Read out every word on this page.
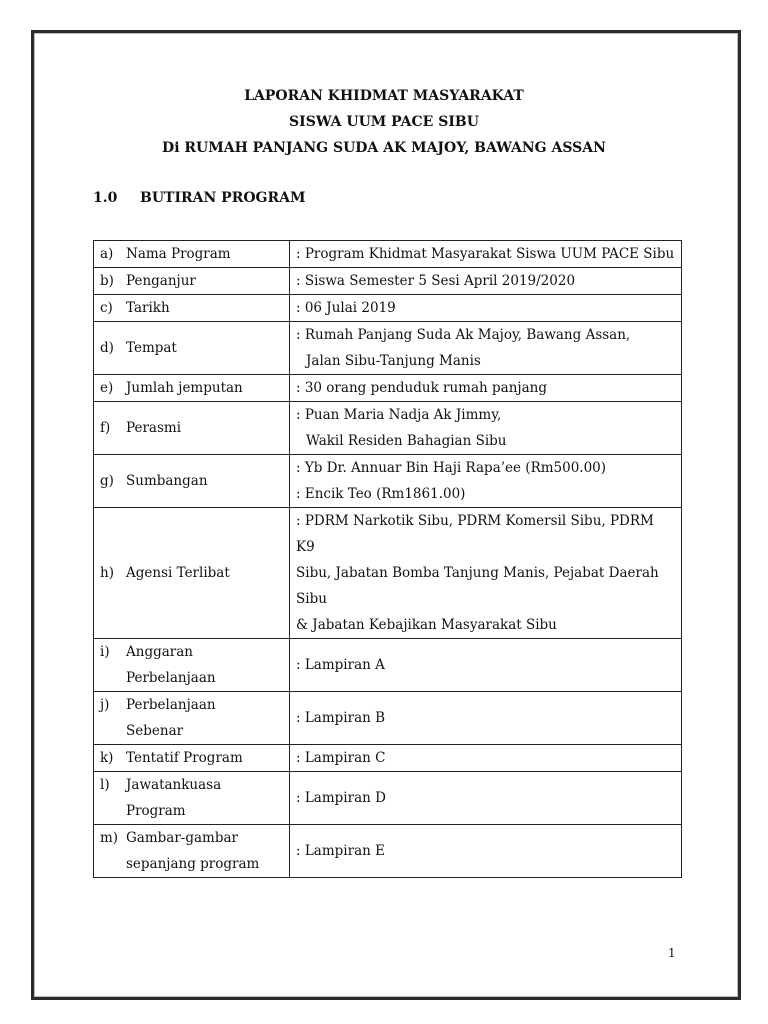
LAPORAN KHIDMAT MASYARAKAT
SISWA UUM PACE SIBU
Di RUMAH PANJANG SUDA AK MAJOY, BAWANG ASSAN
1.0 BUTIRAN PROGRAM
a) Nama Program	: Program Khidmat Masyarakat Siswa UUM PACE Sibu

b) Penganjur	: Siswa Semester 5 Sesi April 2019/2020

c) Tarikh	: 06 Julai 2019

d) Tempat	: Rumah Panjang Suda Ak Majoy, Bawang Assan,
Jalan Sibu-Tanjung Manis

e) Jumlah jemputan	: 30 orang penduduk rumah panjang

f) Perasmi	: Puan Maria Nadja Ak Jimmy,
Wakil Residen Bahagian Sibu

g) Sumbangan	: Yb Dr. Annuar Bin Haji Rapa’ee (Rm500.00)
: Encik Teo (Rm1861.00)

h) Agensi Terlibat	: PDRM Narkotik Sibu, PDRM Komersil Sibu, PDRM K9
Sibu, Jabatan Bomba Tanjung Manis, Pejabat Daerah Sibu
& Jabatan Kebajikan Masyarakat Sibu

i) Anggaran
Perbelanjaan	: Lampiran A

j) Perbelanjaan
Sebenar	: Lampiran B

k) Tentatif Program	: Lampiran C

l) Jawatankuasa
Program	: Lampiran D

m) Gambar-gambar
sepanjang program	: Lampiran E
1
